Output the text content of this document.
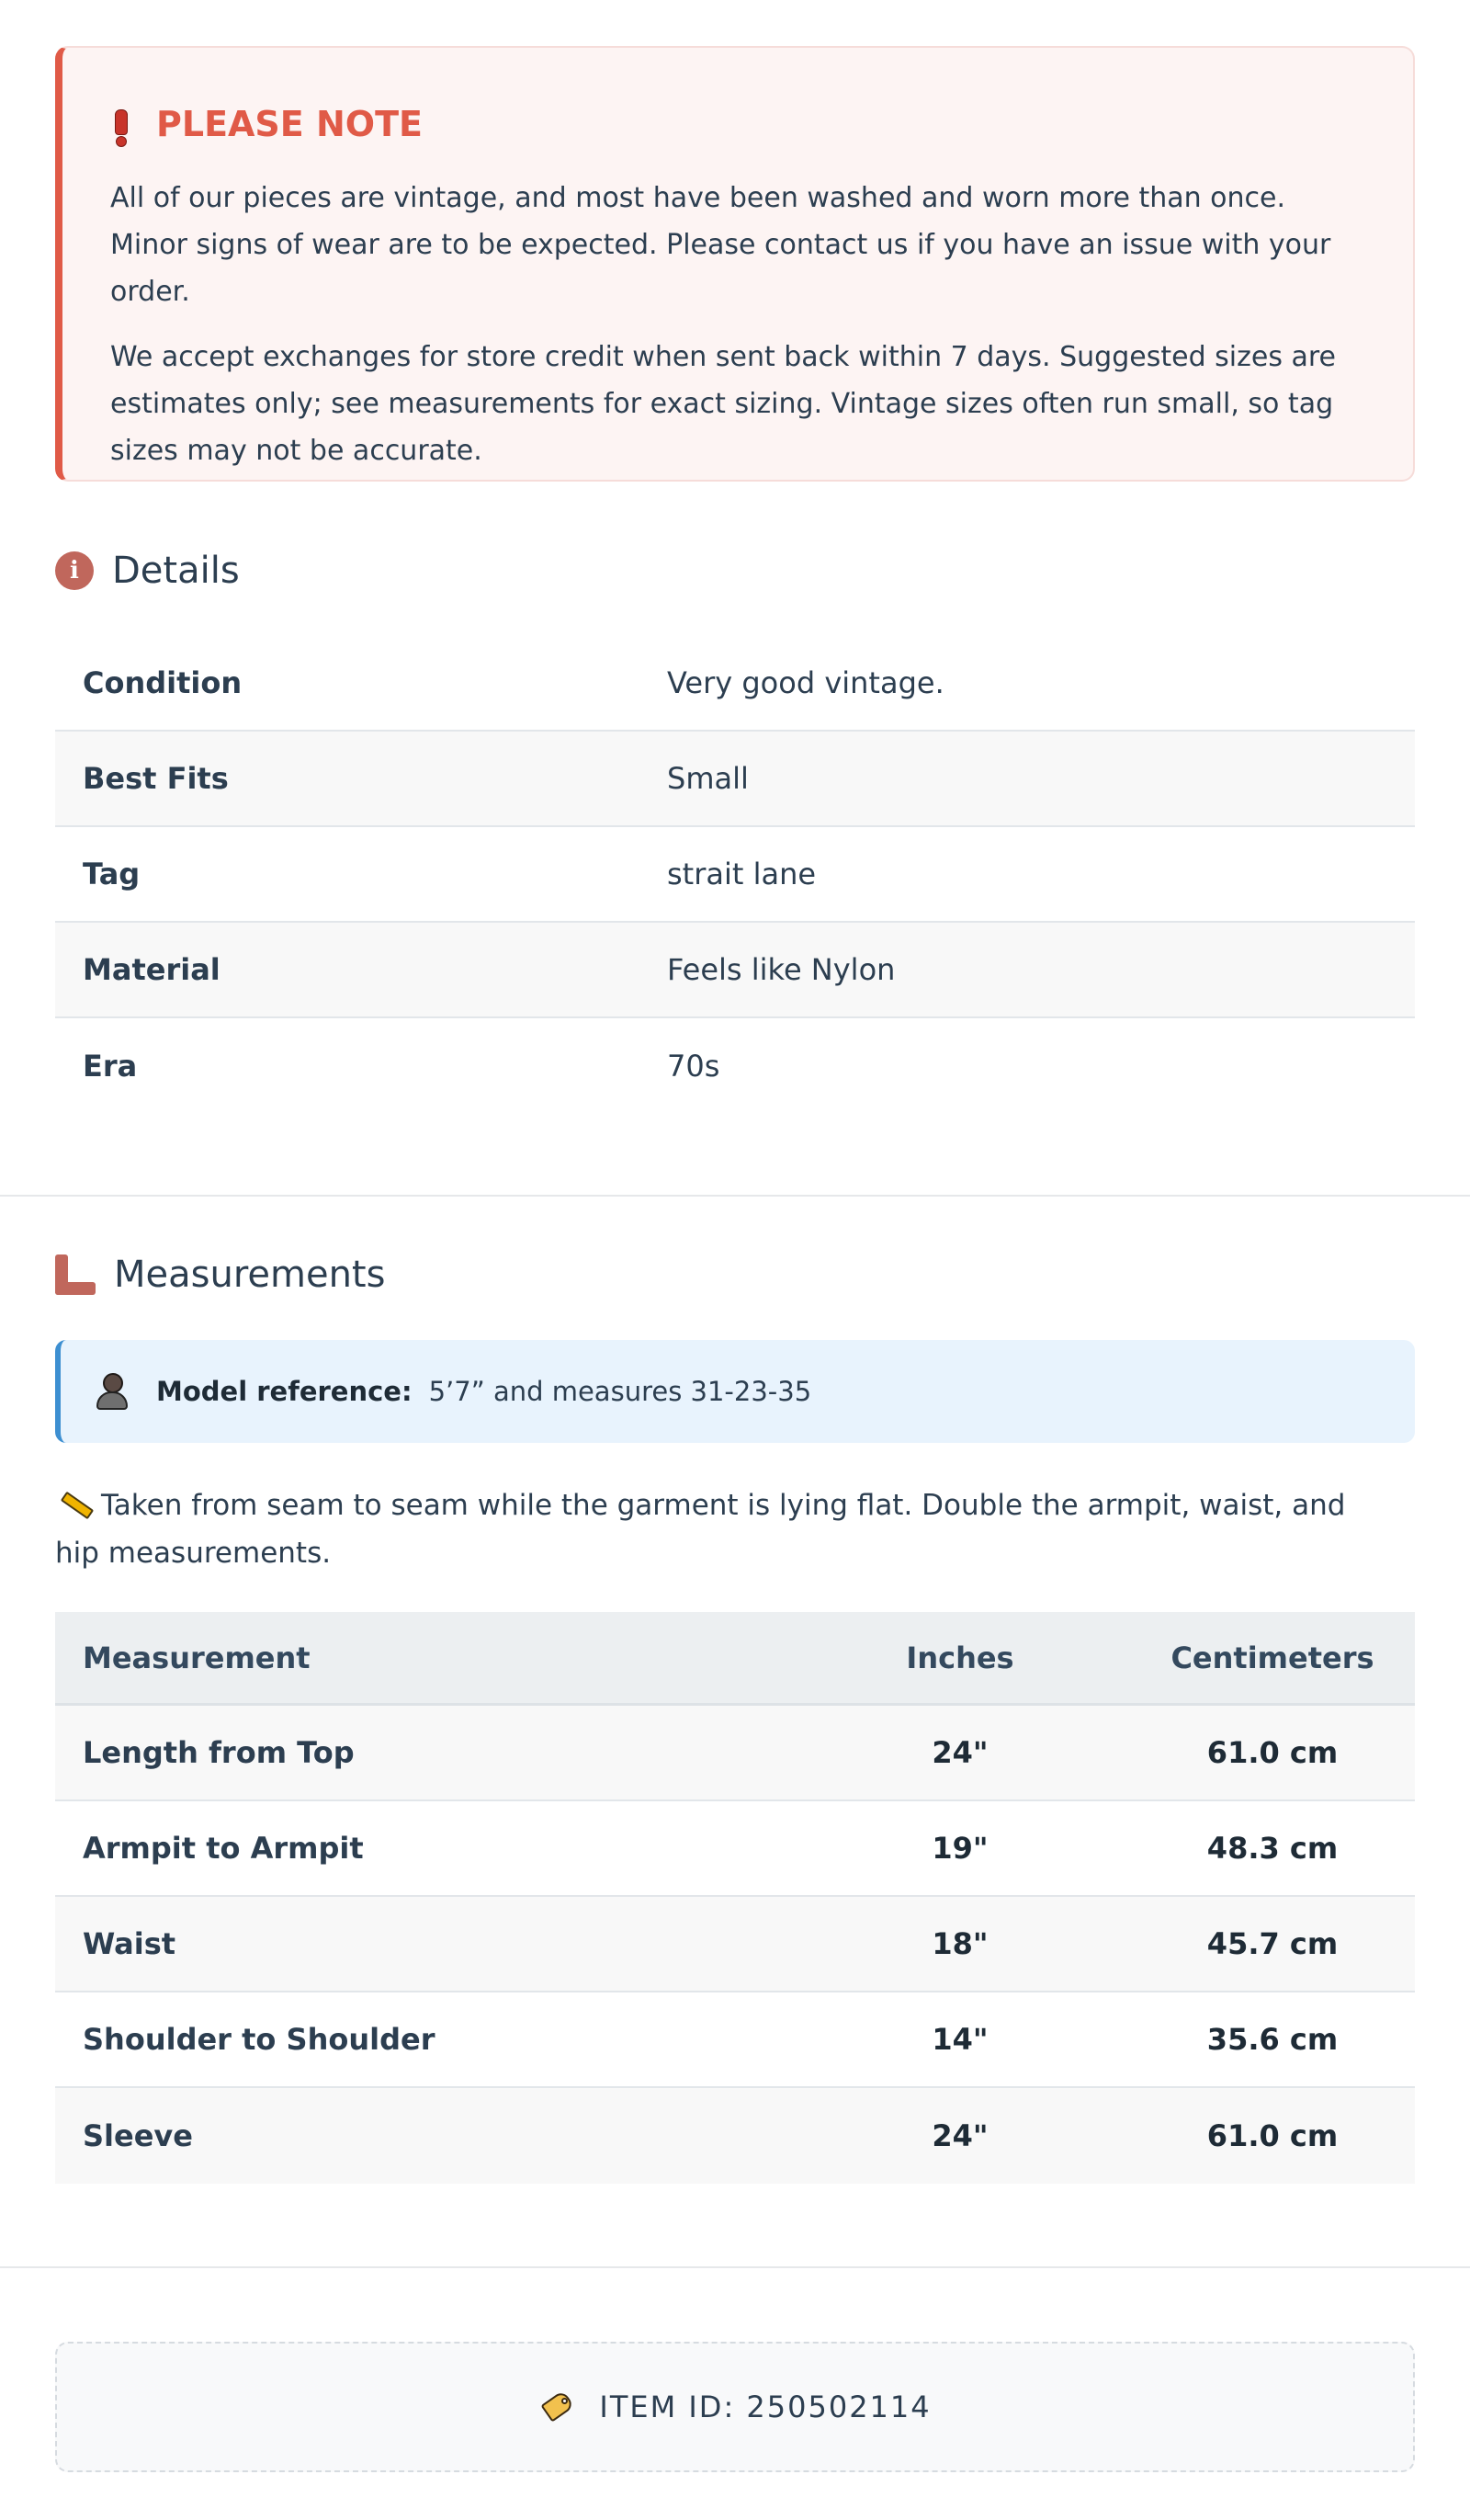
PLEASE NOTE

All of our pieces are vintage, and most have been washed and worn more than once. Minor signs of wear are to be expected. Please contact us if you have an issue with your order.

We accept exchanges for store credit when sent back within 7 days. Suggested sizes are estimates only; see measurements for exact sizing. Vintage sizes often run small, so tag sizes may not be accurate.

i Details
Condition	Very good vintage.
Best Fits	Small
Tag	strait lane
Material	Feels like Nylon
Era	70s
Measurements
Model reference: 5’7” and measures 31-23-35
Taken from seam to seam while the garment is lying flat. Double the armpit, waist, and hip measurements.
Measurement	Inches	Centimeters
Length from Top	24"	61.0 cm
Armpit to Armpit	19"	48.3 cm
Waist	18"	45.7 cm
Shoulder to Shoulder	14"	35.6 cm
Sleeve	24"	61.0 cm
ITEM ID: 250502114
